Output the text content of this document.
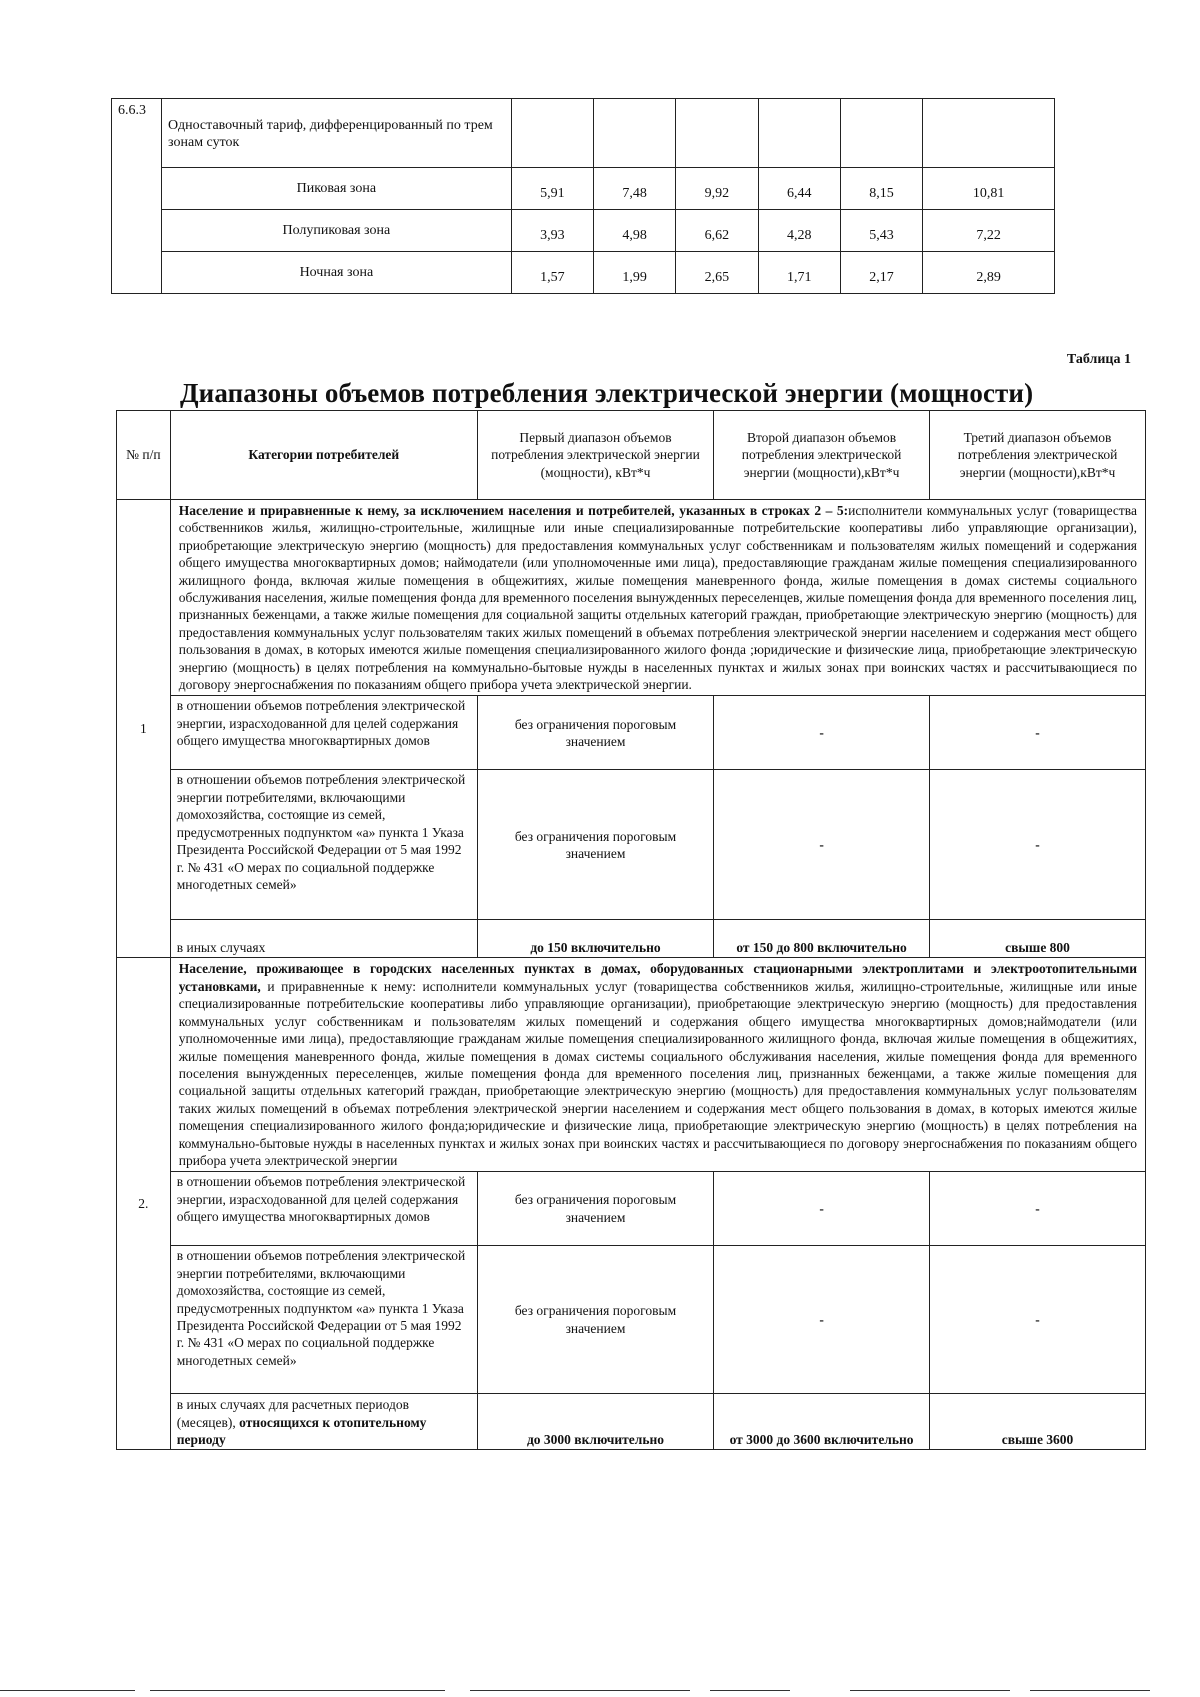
6.6.3	Одноставочный тариф, дифференцированный по трем зонам суток						

	Пиковая зона	5,91	7,48	9,92	6,44	8,15	10,81
	Полупиковая зона	3,93	4,98	6,62	4,28	5,43	7,22
	Ночная зона	1,57	1,99	2,65	1,71	2,17	2,89
Таблица 1
Диапазоны объемов потребления электрической энергии (мощности)
№ п/п	Категории потребителей	Первый диапазон объемов потребления электрической энергии (мощности), кВт*ч	Второй диапазон объемов потребления электрической энергии (мощности),кВт*ч	Третий диапазон объемов потребления электрической энергии (мощности),кВт*ч
1	Население и приравненные к нему, за исключением населения и потребителей, указанных в строках 2 – 5:исполнители коммунальных услуг (товарищества собственников жилья, жилищно-строительные, жилищные или иные специализированные потребительские кооперативы либо управляющие организации), приобретающие электрическую энергию (мощность) для предоставления коммунальных услуг собственникам и пользователям жилых помещений и содержания общего имущества многоквартирных домов; наймодатели (или уполномоченные ими лица), предоставляющие гражданам жилые помещения специализированного жилищного фонда, включая жилые помещения в общежитиях, жилые помещения маневренного фонда, жилые помещения в домах системы социального обслуживания населения, жилые помещения фонда для временного поселения вынужденных переселенцев, жилые помещения фонда для временного поселения лиц, признанных беженцами, а также жилые помещения для социальной защиты отдельных категорий граждан, приобретающие электрическую энергию (мощность) для предоставления коммунальных услуг пользователям таких жилых помещений в объемах потребления электрической энергии населением и содержания мест общего пользования в домах, в которых имеются жилые помещения специализированного жилого фонда ;юридические и физические лица, приобретающие электрическую энергию (мощность) в целях потребления на коммунально-бытовые нужды в населенных пунктах и жилых зонах при воинских частях и рассчитывающиеся по договору энергоснабжения по показаниям общего прибора учета электрической энергии.			
	в отношении объемов потребления электрической энергии, израсходованной для целей содержания общего имущества многоквартирных домов	без ограничения пороговым значением	-	-
	в отношении объемов потребления электрической энергии потребителями, включающими домохозяйства, состоящие из семей, предусмотренных подпунктом «а» пункта 1 Указа Президента Российской Федерации от 5 мая 1992 г. № 431 «О мерах по социальной поддержке многодетных семей»	без ограничения пороговым значением	-	-
	в иных случаях	до 150 включительно	от 150 до 800 включительно	свыше 800
2.	Население, проживающее в городских населенных пунктах в домах, оборудованных стационарными электроплитами и электроотопительными установками, и приравненные к нему: исполнители коммунальных услуг (товарищества собственников жилья, жилищно-строительные, жилищные или иные специализированные потребительские кооперативы либо управляющие организации), приобретающие электрическую энергию (мощность) для предоставления коммунальных услуг собственникам и пользователям жилых помещений и содержания общего имущества многоквартирных домов;наймодатели (или уполномоченные ими лица), предоставляющие гражданам жилые помещения специализированного жилищного фонда, включая жилые помещения в общежитиях, жилые помещения маневренного фонда, жилые помещения в домах системы социального обслуживания населения, жилые помещения фонда для временного поселения вынужденных переселенцев, жилые помещения фонда для временного поселения лиц, признанных беженцами, а также жилые помещения для социальной защиты отдельных категорий граждан, приобретающие электрическую энергию (мощность) для предоставления коммунальных услуг пользователям таких жилых помещений в объемах потребления электрической энергии населением и содержания мест общего пользования в домах, в которых имеются жилые помещения специализированного жилого фонда;юридические и физические лица, приобретающие электрическую энергию (мощность) в целях потребления на коммунально-бытовые нужды в населенных пунктах и жилых зонах при воинских частях и рассчитывающиеся по договору энергоснабжения по показаниям общего прибора учета электрической энергии			
	в отношении объемов потребления электрической энергии, израсходованной для целей содержания общего имущества многоквартирных домов	без ограничения пороговым значением	-	-
	в отношении объемов потребления электрической энергии потребителями, включающими домохозяйства, состоящие из семей, предусмотренных подпунктом «а» пункта 1 Указа Президента Российской Федерации от 5 мая 1992 г. № 431 «О мерах по социальной поддержке многодетных семей»	без ограничения пороговым значением	-	-
	в иных случаях для расчетных периодов (месяцев), относящихся к отопительному периоду	до 3000 включительно	от 3000 до 3600 включительно	свыше 3600
